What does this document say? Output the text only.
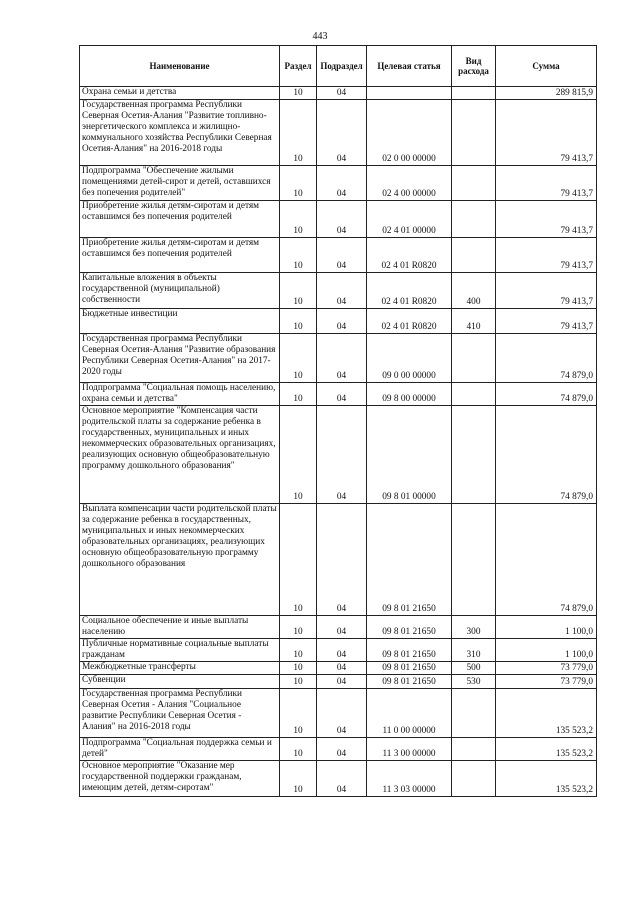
443
Наименование	Раздел	Подраздел	Целевая статья	Вид расхода	Сумма
Охрана семьи и детства	10	04			289 815,9
Государственная программа Республики Северная Осетия-Алания "Развитие топливно-энергетического комплекса и жилищно-коммунального хозяйства Республики Северная Осетия-Алания" на 2016-2018 годы	10	04	02 0 00 00000		79 413,7
Подпрограмма "Обеспечение жилыми помещениями детей-сирот и детей, оставшихся без попечения родителей"	10	04	02 4 00 00000		79 413,7
Приобретение жилья детям-сиротам и детям оставшимся без попечения родителей	10	04	02 4 01 00000		79 413,7
Приобретение жилья детям-сиротам и детям оставшимся без попечения родителей	10	04	02 4 01 R0820		79 413,7
Капитальные вложения в объекты государственной (муниципальной) собственности	10	04	02 4 01 R0820	400	79 413,7
Бюджетные инвестиции	10	04	02 4 01 R0820	410	79 413,7
Государственная программа Республики Северная Осетия-Алания "Развитие образования Республики Северная Осетия-Алания" на 2017-2020 годы	10	04	09 0 00 00000		74 879,0
Подпрограмма "Социальная помощь населению, охрана семьи и детства"	10	04	09 8 00 00000		74 879,0
Основное мероприятие "Компенсация части родительской платы за содержание ребенка в государственных, муниципальных и иных некоммерческих образовательных организациях, реализующих основную общеобразовательную программу дошкольного образования"	10	04	09 8 01 00000		74 879,0
Выплата компенсации части родительской платы за содержание ребенка в государственных, муниципальных и иных некоммерческих образовательных организациях, реализующих основную общеобразовательную программу дошкольного образования	10	04	09 8 01 21650		74 879,0
Социальное обеспечение и иные выплаты населению	10	04	09 8 01 21650	300	1 100,0
Публичные нормативные социальные выплаты гражданам	10	04	09 8 01 21650	310	1 100,0
Межбюджетные трансферты	10	04	09 8 01 21650	500	73 779,0
Субвенции	10	04	09 8 01 21650	530	73 779,0
Государственная программа Республики Северная Осетия - Алания "Социальное развитие Республики Северная Осетия - Алания" на 2016-2018 годы	10	04	11 0 00 00000		135 523,2
Подпрограмма "Социальная поддержка семьи и детей"	10	04	11 3 00 00000		135 523,2
Основное мероприятие "Оказание мер государственной поддержки гражданам, имеющим детей, детям-сиротам"	10	04	11 3 03 00000		135 523,2
